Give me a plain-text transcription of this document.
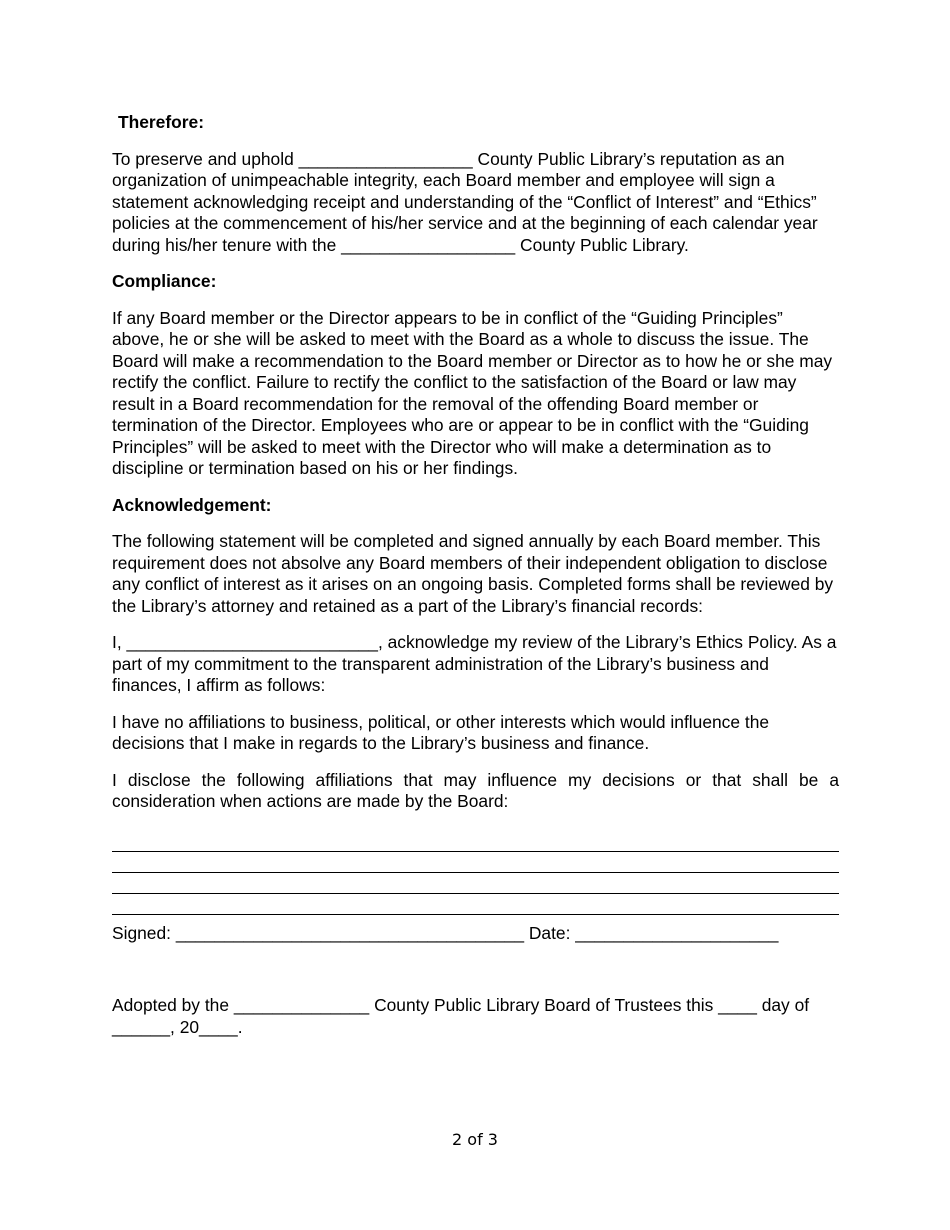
Therefore:

To preserve and uphold __________________ County Public Library’s reputation as an organization of unimpeachable integrity, each Board member and employee will sign a statement acknowledging receipt and understanding of the “Conflict of Interest” and “Ethics” policies at the commencement of his/her service and at the beginning of each calendar year during his/her tenure with the __________________ County Public Library.

Compliance:

If any Board member or the Director appears to be in conflict of the “Guiding Principles” above, he or she will be asked to meet with the Board as a whole to discuss the issue. The Board will make a recommendation to the Board member or Director as to how he or she may rectify the conflict. Failure to rectify the conflict to the satisfaction of the Board or law may result in a Board recommendation for the removal of the offending Board member or termination of the Director. Employees who are or appear to be in conflict with the “Guiding Principles” will be asked to meet with the Director who will make a determination as to discipline or termination based on his or her findings.

Acknowledgement:

The following statement will be completed and signed annually by each Board member. This requirement does not absolve any Board members of their independent obligation to disclose any conflict of interest as it arises on an ongoing basis. Completed forms shall be reviewed by the Library’s attorney and retained as a part of the Library’s financial records:

I, __________________________, acknowledge my review of the Library’s Ethics Policy. As a part of my commitment to the transparent administration of the Library’s business and finances, I affirm as follows:

I have no affiliations to business, political, or other interests which would influence the decisions that I make in regards to the Library’s business and finance.

I disclose the following affiliations that may influence my decisions or that shall be a consideration when actions are made by the Board:

Signed: ____________________________________ Date: _____________________

Adopted by the ______________ County Public Library Board of Trustees this ____ day of ______, 20____.

2 of 3
